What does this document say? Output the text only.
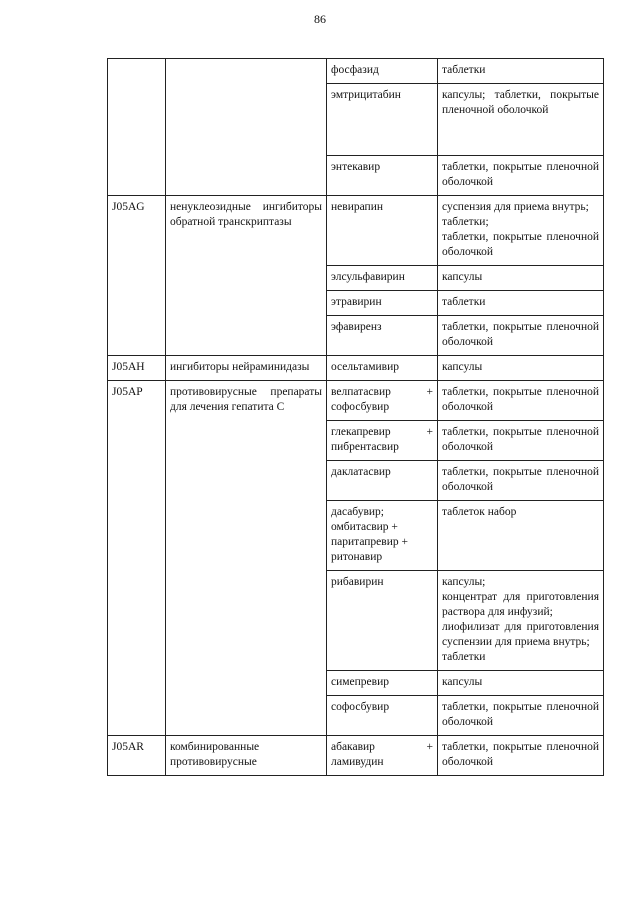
86

		фосфазид	таблетки

		эмтрицитабин	капсулы; таблетки, покрытые пленочной оболочкой

		энтекавир	таблетки, покрытые пленочной оболочкой

J05AG	ненуклеозидные ингибиторы обратной транскриптазы	невирапин	суспензия для приема внутрь;
таблетки;
таблетки, покрытые пленочной оболочкой

		элсульфавирин	капсулы

		этравирин	таблетки

		эфавиренз	таблетки, покрытые пленочной оболочкой

J05AH	ингибиторы нейраминидазы	осельтамивир	капсулы

J05AP	противовирусные препараты для лечения гепатита С	велпатасвир + софосбувир	таблетки, покрытые пленочной оболочкой

		глекапревир + пибрентасвир	таблетки, покрытые пленочной оболочкой

		даклатасвир	таблетки, покрытые пленочной оболочкой

		дасабувир;
омбитасвир +
паритапревир +
ритонавир	таблеток набор

		рибавирин	капсулы;
концентрат для приготовления раствора для инфузий;
лиофилизат для приготовления суспензии для приема внутрь;
таблетки

		симепревир	капсулы

		софосбувир	таблетки, покрытые пленочной оболочкой

J05AR	комбинированные противовирусные	абакавир + ламивудин	таблетки, покрытые пленочной оболочкой
